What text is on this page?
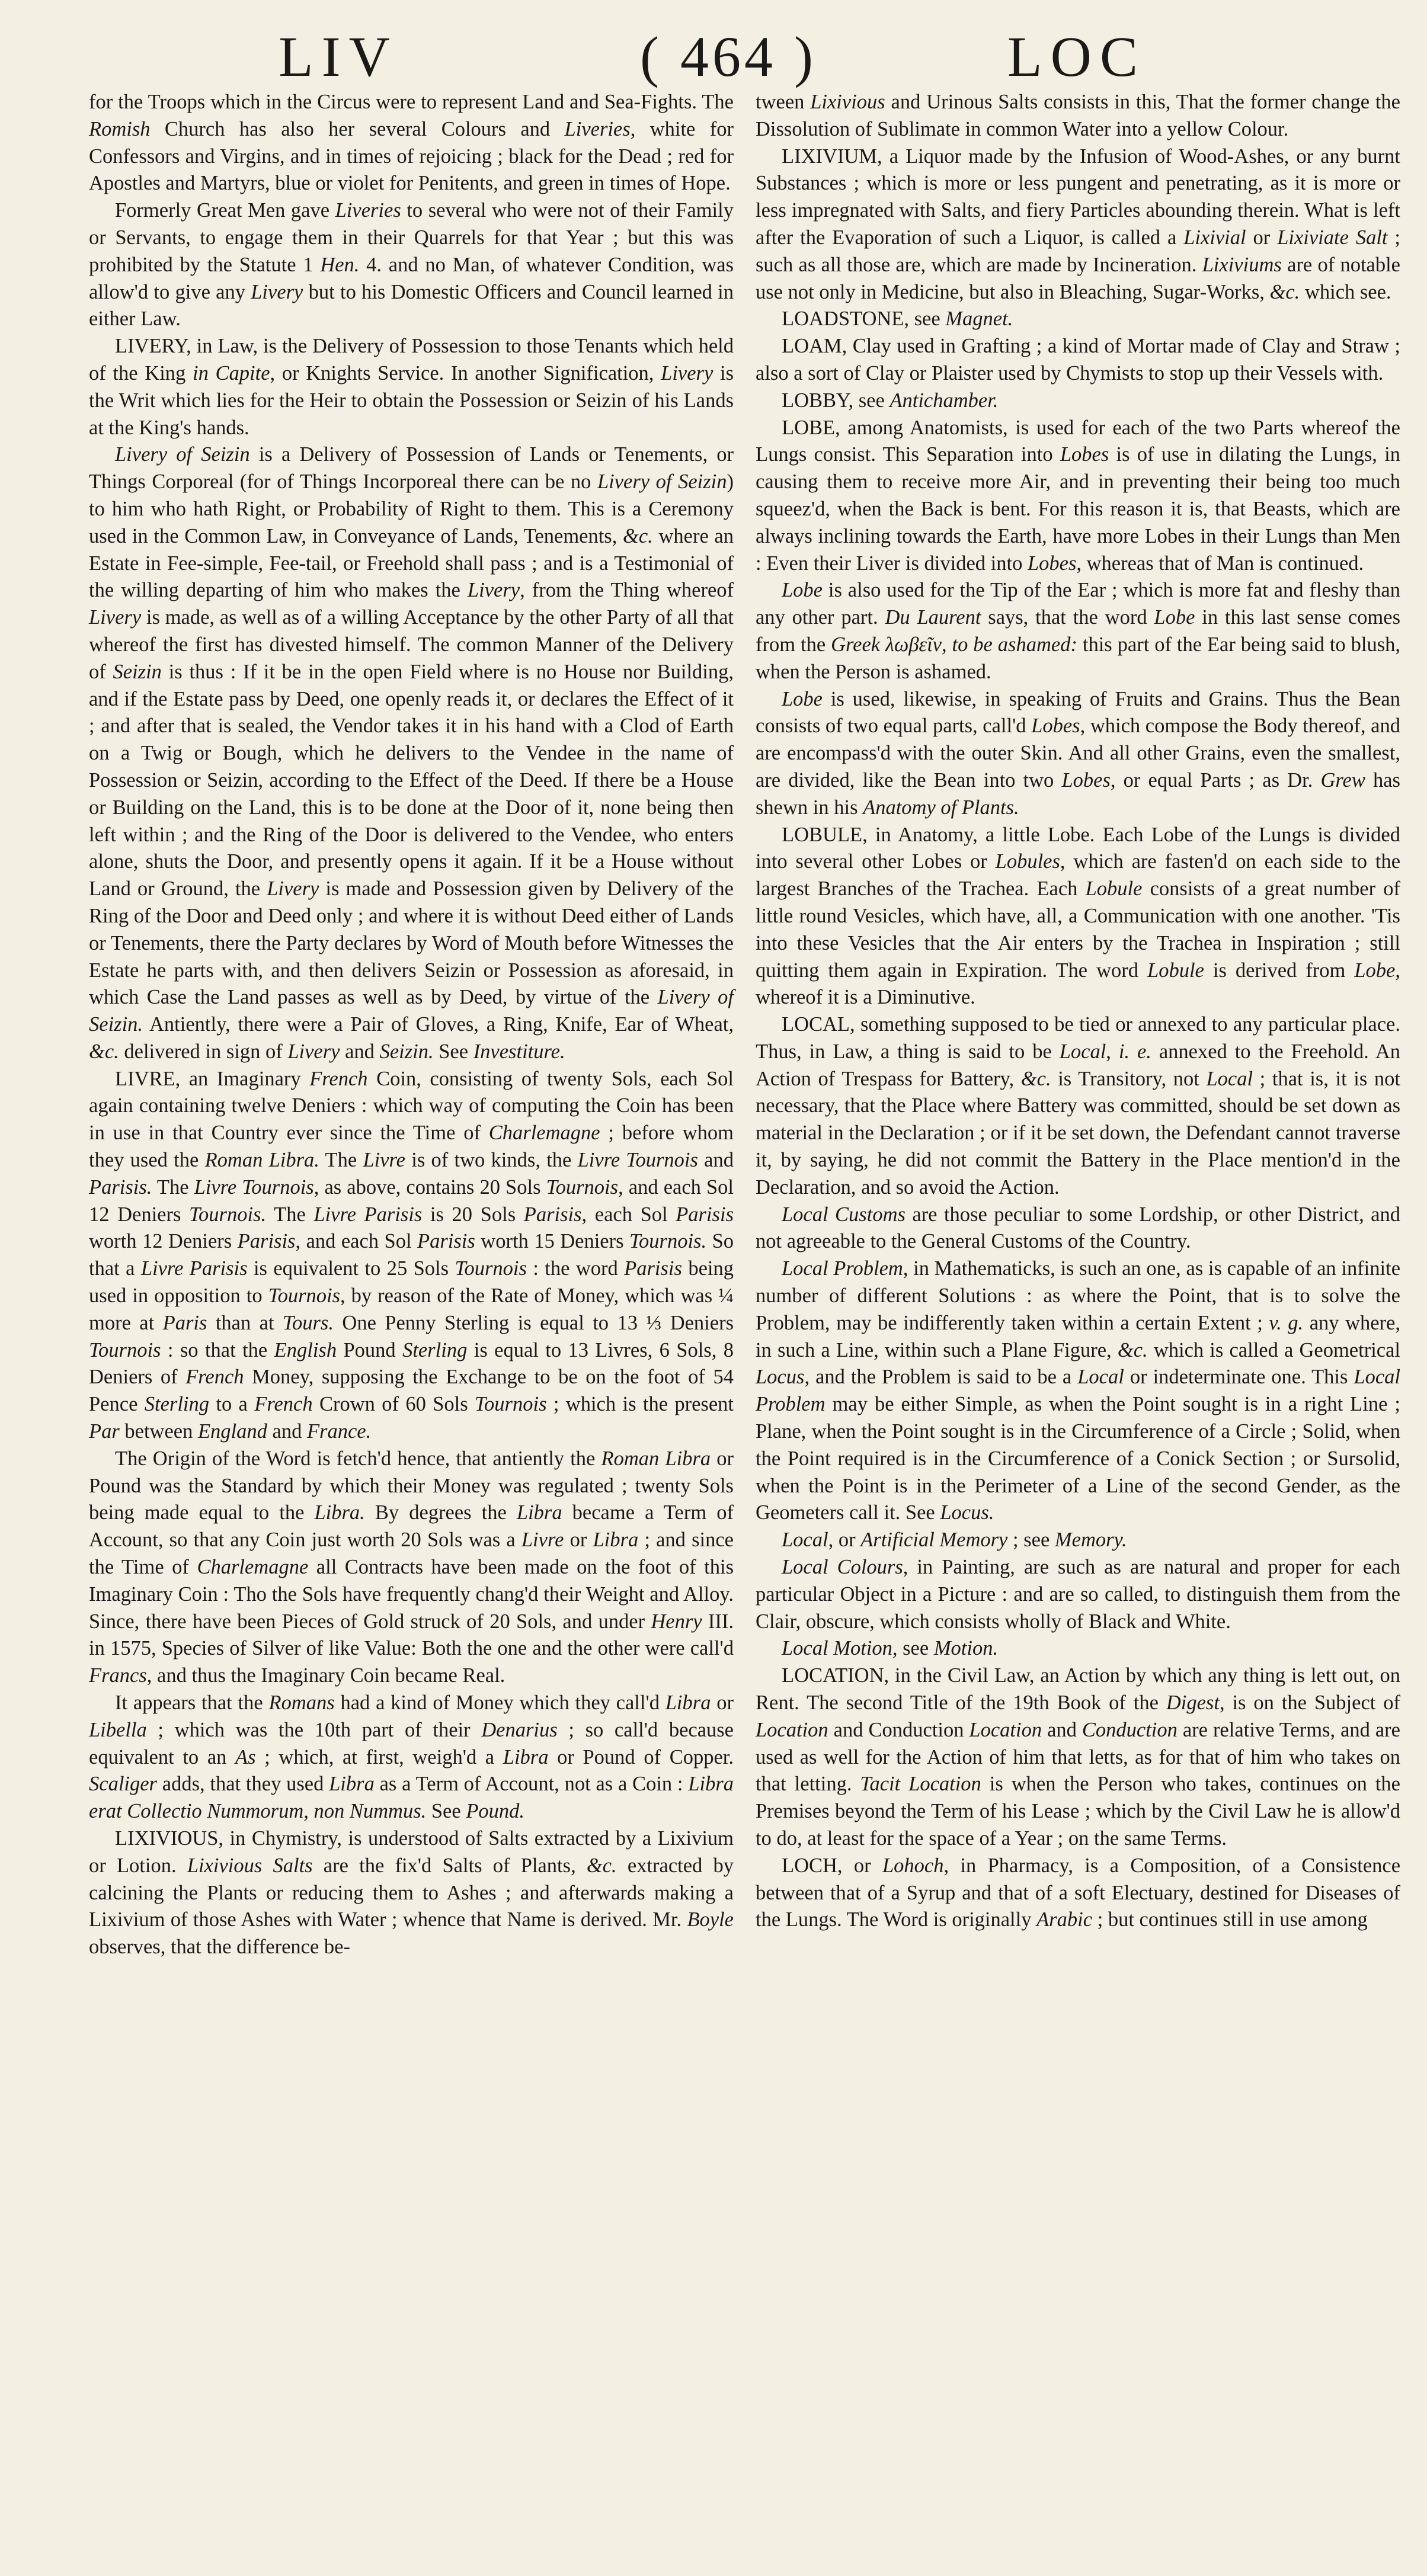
LIV	( 464 )	LOC

for the Troops which in the Circus were to represent Land and Sea-Fights. The Romish Church has also her several Colours and Liveries, white for Confessors and Virgins, and in times of rejoicing ; black for the Dead ; red for Apostles and Martyrs, blue or violet for Penitents, and green in times of Hope.

Formerly Great Men gave Liveries to several who were not of their Family or Servants, to engage them in their Quarrels for that Year ; but this was prohibited by the Statute 1 Hen. 4. and no Man, of whatever Condition, was allow'd to give any Livery but to his Domestic Officers and Council learned in either Law.

LIVERY, in Law, is the Delivery of Possession to those Tenants which held of the King in Capite, or Knights Service. In another Signification, Livery is the Writ which lies for the Heir to obtain the Possession or Seizin of his Lands at the King's hands.

Livery of Seizin is a Delivery of Possession of Lands or Tenements, or Things Corporeal (for of Things Incorporeal there can be no Livery of Seizin) to him who hath Right, or Probability of Right to them. This is a Ceremony used in the Common Law, in Conveyance of Lands, Tenements, &c. where an Estate in Fee-simple, Fee-tail, or Freehold shall pass ; and is a Testimonial of the willing departing of him who makes the Livery, from the Thing whereof Livery is made, as well as of a willing Acceptance by the other Party of all that whereof the first has divested himself. The common Manner of the Delivery of Seizin is thus : If it be in the open Field where is no House nor Building, and if the Estate pass by Deed, one openly reads it, or declares the Effect of it ; and after that is sealed, the Vendor takes it in his hand with a Clod of Earth on a Twig or Bough, which he delivers to the Vendee in the name of Possession or Seizin, according to the Effect of the Deed. If there be a House or Building on the Land, this is to be done at the Door of it, none being then left within ; and the Ring of the Door is delivered to the Vendee, who enters alone, shuts the Door, and presently opens it again. If it be a House without Land or Ground, the Livery is made and Possession given by Delivery of the Ring of the Door and Deed only ; and where it is without Deed either of Lands or Tenements, there the Party declares by Word of Mouth before Witnesses the Estate he parts with, and then delivers Seizin or Possession as aforesaid, in which Case the Land passes as well as by Deed, by virtue of the Livery of Seizin. Antiently, there were a Pair of Gloves, a Ring, Knife, Ear of Wheat, &c. delivered in sign of Livery and Seizin. See Investiture.

LIVRE, an Imaginary French Coin, consisting of twenty Sols, each Sol again containing twelve Deniers : which way of computing the Coin has been in use in that Country ever since the Time of Charlemagne ; before whom they used the Roman Libra. The Livre is of two kinds, the Livre Tournois and Parisis. The Livre Tournois, as above, contains 20 Sols Tournois, and each Sol 12 Deniers Tournois. The Livre Parisis is 20 Sols Parisis, each Sol Parisis worth 12 Deniers Parisis, and each Sol Parisis worth 15 Deniers Tournois. So that a Livre Parisis is equivalent to 25 Sols Tournois : the word Parisis being used in opposition to Tournois, by reason of the Rate of Money, which was ¼ more at Paris than at Tours. One Penny Sterling is equal to 13 ⅓ Deniers Tournois : so that the English Pound Sterling is equal to 13 Livres, 6 Sols, 8 Deniers of French Money, supposing the Exchange to be on the foot of 54 Pence Sterling to a French Crown of 60 Sols Tournois ; which is the present Par between England and France.

The Origin of the Word is fetch'd hence, that antiently the Roman Libra or Pound was the Standard by which their Money was regulated ; twenty Sols being made equal to the Libra. By degrees the Libra became a Term of Account, so that any Coin just worth 20 Sols was a Livre or Libra ; and since the Time of Charlemagne all Contracts have been made on the foot of this Imaginary Coin : Tho the Sols have frequently chang'd their Weight and Alloy. Since, there have been Pieces of Gold struck of 20 Sols, and under Henry III. in 1575, Species of Silver of like Value: Both the one and the other were call'd Francs, and thus the Imaginary Coin became Real.

It appears that the Romans had a kind of Money which they call'd Libra or Libella ; which was the 10th part of their Denarius ; so call'd because equivalent to an As ; which, at first, weigh'd a Libra or Pound of Copper. Scaliger adds, that they used Libra as a Term of Account, not as a Coin : Libra erat Collectio Nummorum, non Nummus. See Pound.

LIXIVIOUS, in Chymistry, is understood of Salts extracted by a Lixivium or Lotion. Lixivious Salts are the fix'd Salts of Plants, &c. extracted by calcining the Plants or reducing them to Ashes ; and afterwards making a Lixivium of those Ashes with Water ; whence that Name is derived. Mr. Boyle observes, that the difference be-

tween Lixivious and Urinous Salts consists in this, That the former change the Dissolution of Sublimate in common Water into a yellow Colour.

LIXIVIUM, a Liquor made by the Infusion of Wood-Ashes, or any burnt Substances ; which is more or less pungent and penetrating, as it is more or less impregnated with Salts, and fiery Particles abounding therein. What is left after the Evaporation of such a Liquor, is called a Lixivial or Lixiviate Salt ; such as all those are, which are made by Incineration. Lixiviums are of notable use not only in Medicine, but also in Bleaching, Sugar-Works, &c. which see.

LOADSTONE, see Magnet.

LOAM, Clay used in Grafting ; a kind of Mortar made of Clay and Straw ; also a sort of Clay or Plaister used by Chymists to stop up their Vessels with.

LOBBY, see Antichamber.

LOBE, among Anatomists, is used for each of the two Parts whereof the Lungs consist. This Separation into Lobes is of use in dilating the Lungs, in causing them to receive more Air, and in preventing their being too much squeez'd, when the Back is bent. For this reason it is, that Beasts, which are always inclining towards the Earth, have more Lobes in their Lungs than Men : Even their Liver is divided into Lobes, whereas that of Man is continued.

Lobe is also used for the Tip of the Ear ; which is more fat and fleshy than any other part. Du Laurent says, that the word Lobe in this last sense comes from the Greek λωβεῖν, to be ashamed: this part of the Ear being said to blush, when the Person is ashamed.

Lobe is used, likewise, in speaking of Fruits and Grains. Thus the Bean consists of two equal parts, call'd Lobes, which compose the Body thereof, and are encompass'd with the outer Skin. And all other Grains, even the smallest, are divided, like the Bean into two Lobes, or equal Parts ; as Dr. Grew has shewn in his Anatomy of Plants.

LOBULE, in Anatomy, a little Lobe. Each Lobe of the Lungs is divided into several other Lobes or Lobules, which are fasten'd on each side to the largest Branches of the Trachea. Each Lobule consists of a great number of little round Vesicles, which have, all, a Communication with one another. 'Tis into these Vesicles that the Air enters by the Trachea in Inspiration ; still quitting them again in Expiration. The word Lobule is derived from Lobe, whereof it is a Diminutive.

LOCAL, something supposed to be tied or annexed to any particular place. Thus, in Law, a thing is said to be Local, i. e. annexed to the Freehold. An Action of Trespass for Battery, &c. is Transitory, not Local ; that is, it is not necessary, that the Place where Battery was committed, should be set down as material in the Declaration ; or if it be set down, the Defendant cannot traverse it, by saying, he did not commit the Battery in the Place mention'd in the Declaration, and so avoid the Action.

Local Customs are those peculiar to some Lordship, or other District, and not agreeable to the General Customs of the Country.

Local Problem, in Mathematicks, is such an one, as is capable of an infinite number of different Solutions : as where the Point, that is to solve the Problem, may be indifferently taken within a certain Extent ; v. g. any where, in such a Line, within such a Plane Figure, &c. which is called a Geometrical Locus, and the Problem is said to be a Local or indeterminate one. This Local Problem may be either Simple, as when the Point sought is in a right Line ; Plane, when the Point sought is in the Circumference of a Circle ; Solid, when the Point required is in the Circumference of a Conick Section ; or Sursolid, when the Point is in the Perimeter of a Line of the second Gender, as the Geometers call it. See Locus.

Local, or Artificial Memory ; see Memory.

Local Colours, in Painting, are such as are natural and proper for each particular Object in a Picture : and are so called, to distinguish them from the Clair, obscure, which consists wholly of Black and White.

Local Motion, see Motion.

LOCATION, in the Civil Law, an Action by which any thing is lett out, on Rent. The second Title of the 19th Book of the Digest, is on the Subject of Location and Conduction Location and Conduction are relative Terms, and are used as well for the Action of him that letts, as for that of him who takes on that letting. Tacit Location is when the Person who takes, continues on the Premises beyond the Term of his Lease ; which by the Civil Law he is allow'd to do, at least for the space of a Year ; on the same Terms.

LOCH, or Lohoch, in Pharmacy, is a Composition, of a Consistence between that of a Syrup and that of a soft Electuary, destined for Diseases of the Lungs. The Word is originally Arabic ; but continues still in use among
